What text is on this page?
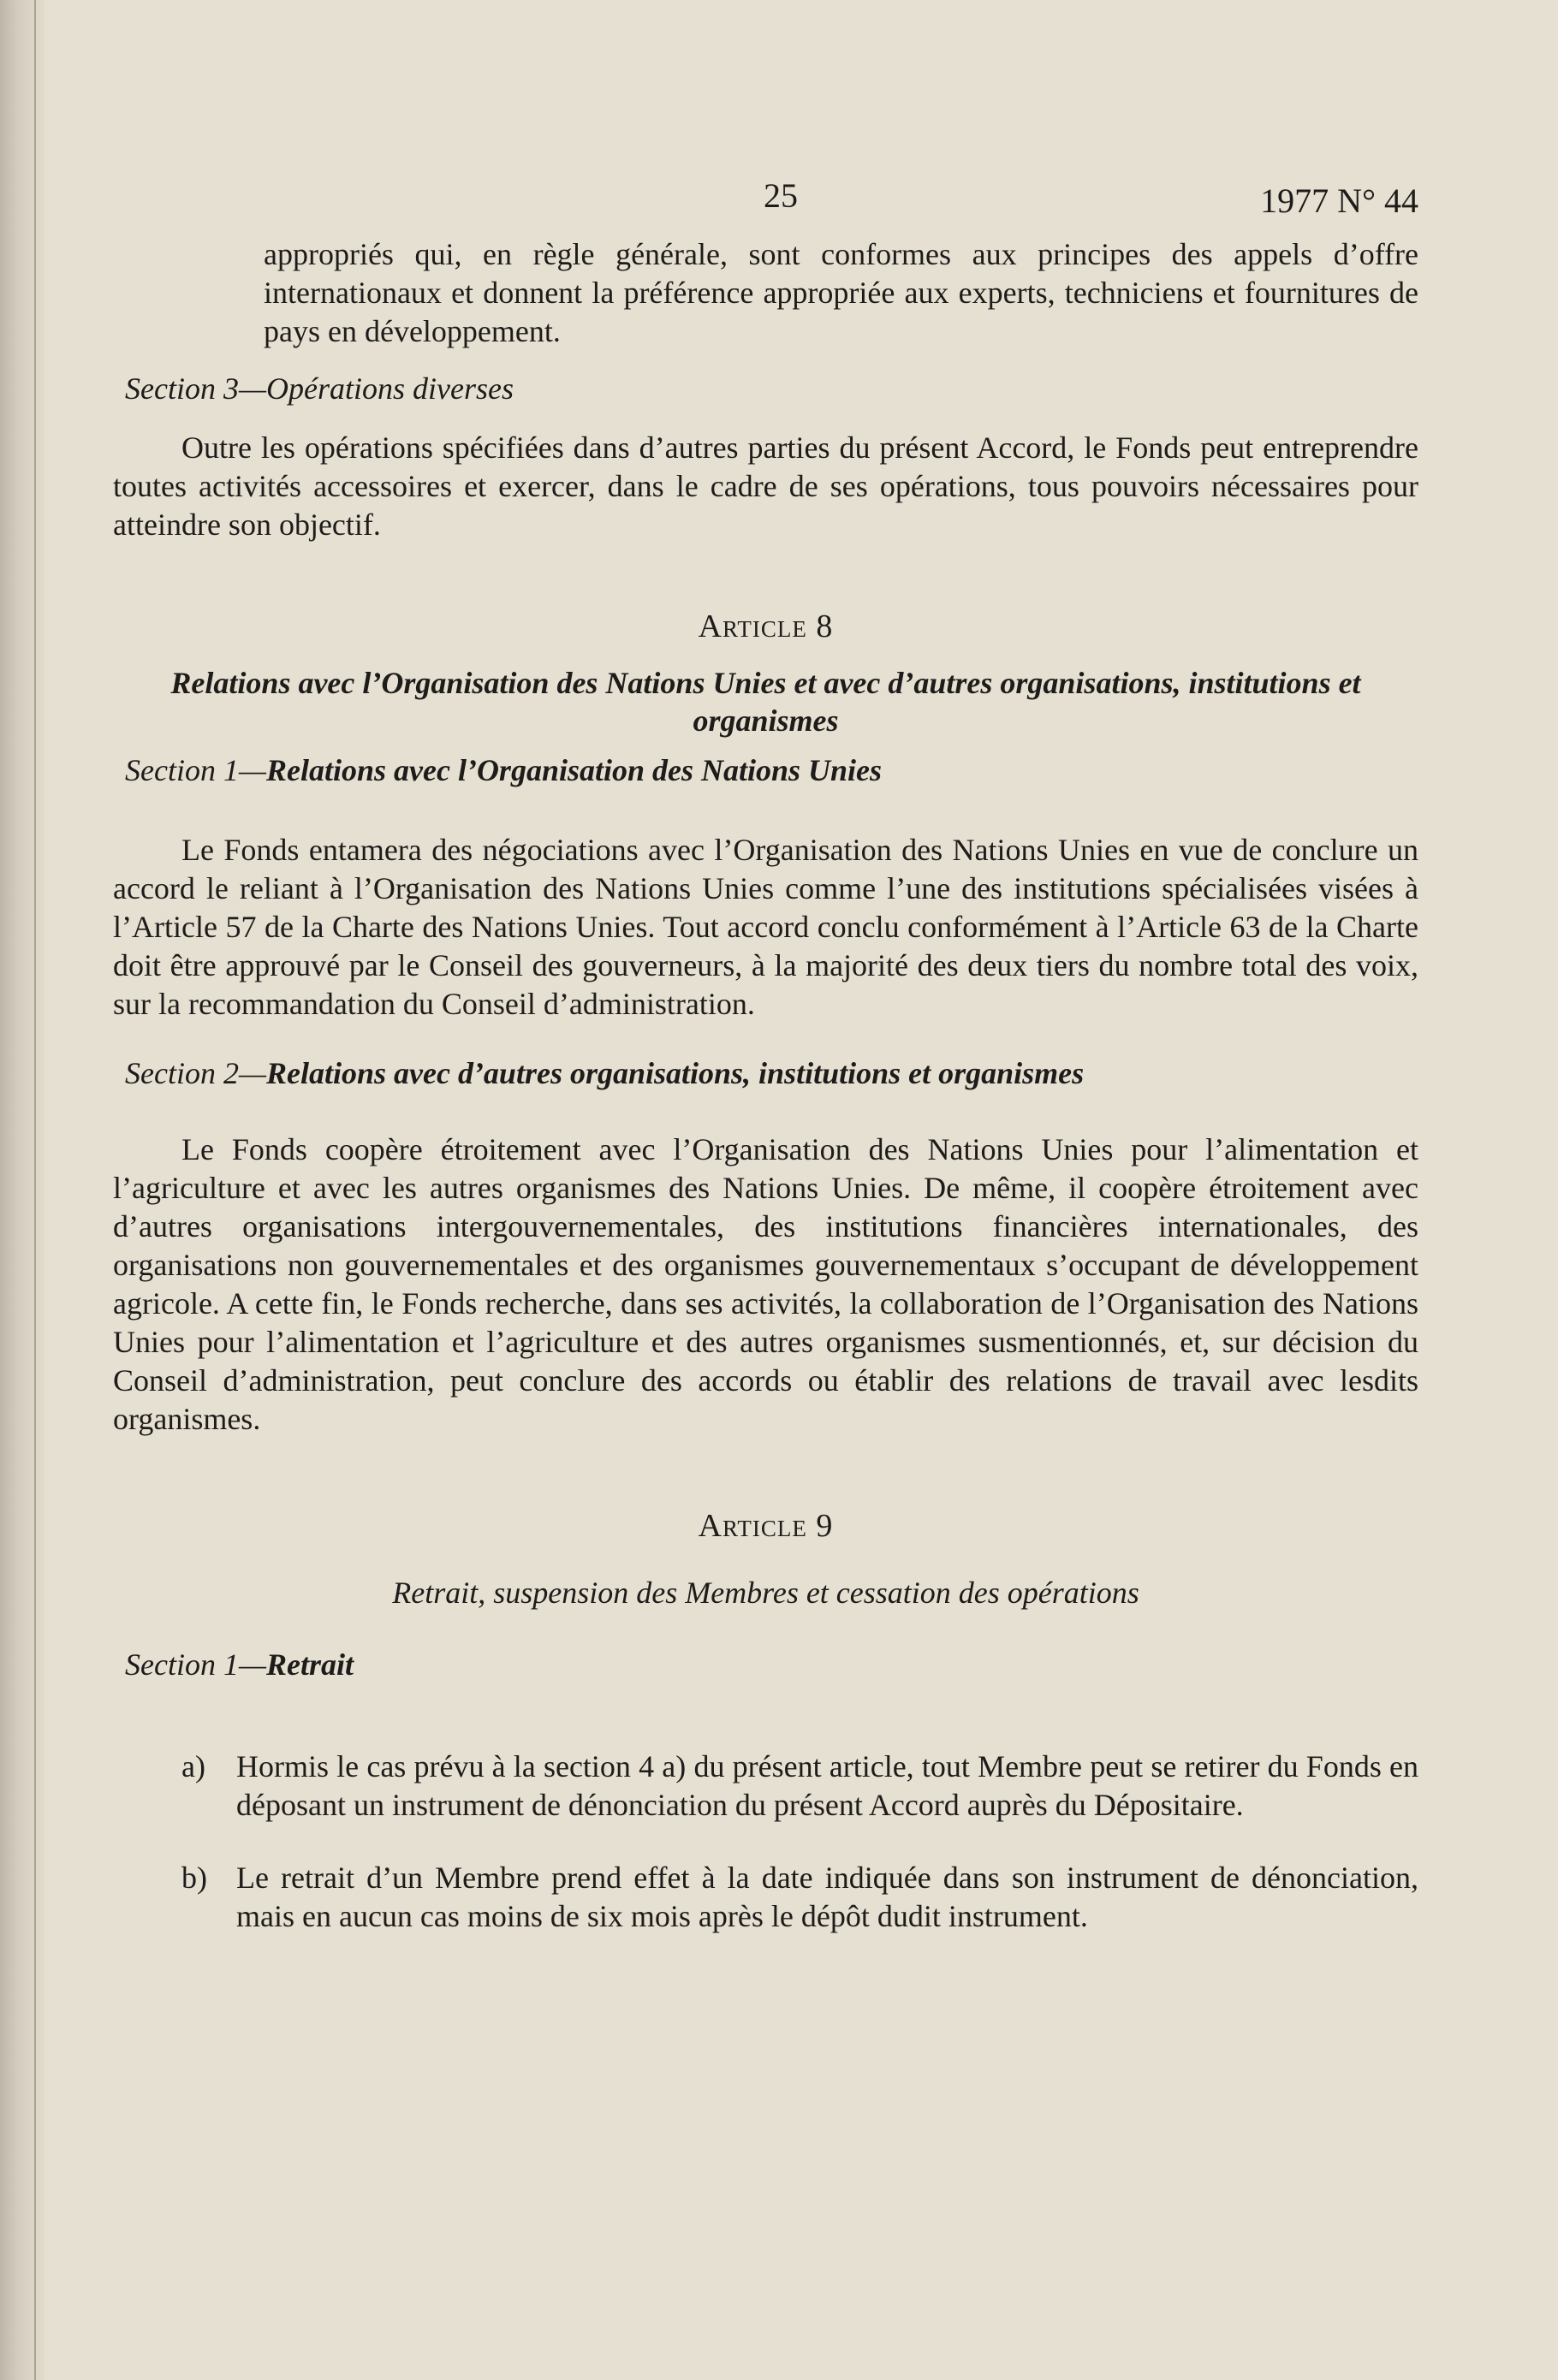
25	1977 N° 44

appropriés qui, en règle générale, sont conformes aux principes des appels d’offre internationaux et donnent la préférence appropriée aux experts, techniciens et fournitures de pays en développement.

Section 3—Opérations diverses

Outre les opérations spécifiées dans d’autres parties du présent Accord, le Fonds peut entreprendre toutes activités accessoires et exercer, dans le cadre de ses opérations, tous pouvoirs nécessaires pour atteindre son objectif.

Article 8

Relations avec l’Organisation des Nations Unies et avec d’autres organisations, institutions et organismes

Section 1—Relations avec l’Organisation des Nations Unies

Le Fonds entamera des négociations avec l’Organisation des Nations Unies en vue de conclure un accord le reliant à l’Organisation des Nations Unies comme l’une des institutions spécialisées visées à l’Article 57 de la Charte des Nations Unies. Tout accord conclu conformément à l’Article 63 de la Charte doit être approuvé par le Conseil des gouverneurs, à la majorité des deux tiers du nombre total des voix, sur la recommandation du Conseil d’administration.

Section 2—Relations avec d’autres organisations, institutions et organismes

Le Fonds coopère étroitement avec l’Organisation des Nations Unies pour l’alimentation et l’agriculture et avec les autres organismes des Nations Unies. De même, il coopère étroitement avec d’autres organisations intergouvernementales, des institutions financières internationales, des organisations non gouvernementales et des organismes gouvernementaux s’occupant de développement agricole. A cette fin, le Fonds recherche, dans ses activités, la collaboration de l’Organisation des Nations Unies pour l’alimentation et l’agriculture et des autres organismes susmentionnés, et, sur décision du Conseil d’administration, peut conclure des accords ou établir des relations de travail avec lesdits organismes.

Article 9

Retrait, suspension des Membres et cessation des opérations

Section 1—Retrait
a)	Hormis le cas prévu à la section 4 a) du présent article, tout Membre peut se retirer du Fonds en déposant un instrument de dénonciation du présent Accord auprès du Dépositaire.
b) Le retrait d’un Membre prend effet à la date indiquée dans son instrument de dénonciation, mais en aucun cas moins de six mois après le dépôt dudit instrument.
